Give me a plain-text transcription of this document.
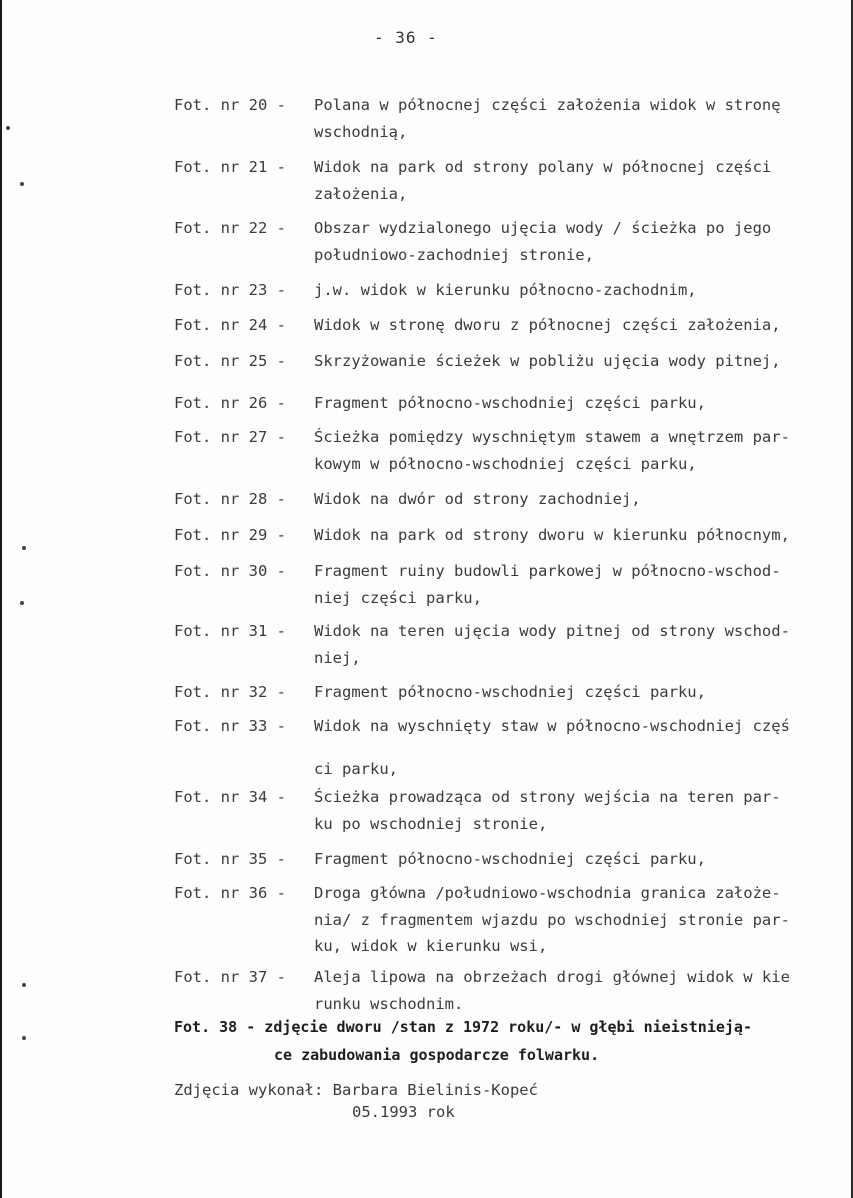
- 36 -
Fot. nr 20 - Polana w północnej części założenia widok w stronę
wschodnią,
Fot. nr 21 - Widok na park od strony polany w północnej części
założenia,
Fot. nr 22 - Obszar wydzialonego ujęcia wody / ścieżka po jego
południowo-zachodniej stronie,
Fot. nr 23 - j.w. widok w kierunku północno-zachodnim,
Fot. nr 24 - Widok w stronę dworu z północnej części założenia,
Fot. nr 25 - Skrzyżowanie ścieżek w pobliżu ujęcia wody pitnej,
Fot. nr 26 - Fragment północno-wschodniej części parku,
Fot. nr 27 - Ścieżka pomiędzy wyschniętym stawem a wnętrzem par-
kowym w północno-wschodniej części parku,
Fot. nr 28 - Widok na dwór od strony zachodniej,
Fot. nr 29 - Widok na park od strony dworu w kierunku północnym,
Fot. nr 30 - Fragment ruiny budowli parkowej w północno-wschod-
niej części parku,
Fot. nr 31 - Widok na teren ujęcia wody pitnej od strony wschod-
niej,
Fot. nr 32 - Fragment północno-wschodniej części parku,
Fot. nr 33 - Widok na wyschnięty staw w północno-wschodniej częś
ci parku,
Fot. nr 34 - Ścieżka prowadząca od strony wejścia na teren par-
ku po wschodniej stronie,
Fot. nr 35 - Fragment północno-wschodniej części parku,
Fot. nr 36 - Droga główna /południowo-wschodnia granica założe-
nia/ z fragmentem wjazdu po wschodniej stronie par-
ku, widok w kierunku wsi,
Fot. nr 37 - Aleja lipowa na obrzeżach drogi głównej widok w kie
runku wschodnim.
Fot. 38 - zdjęcie dworu /stan z 1972 roku/- w głębi nieistnieją-
ce zabudowania gospodarcze folwarku.
Zdjęcia wykonał: Barbara Bielinis-Kopeć
05.1993 rok
